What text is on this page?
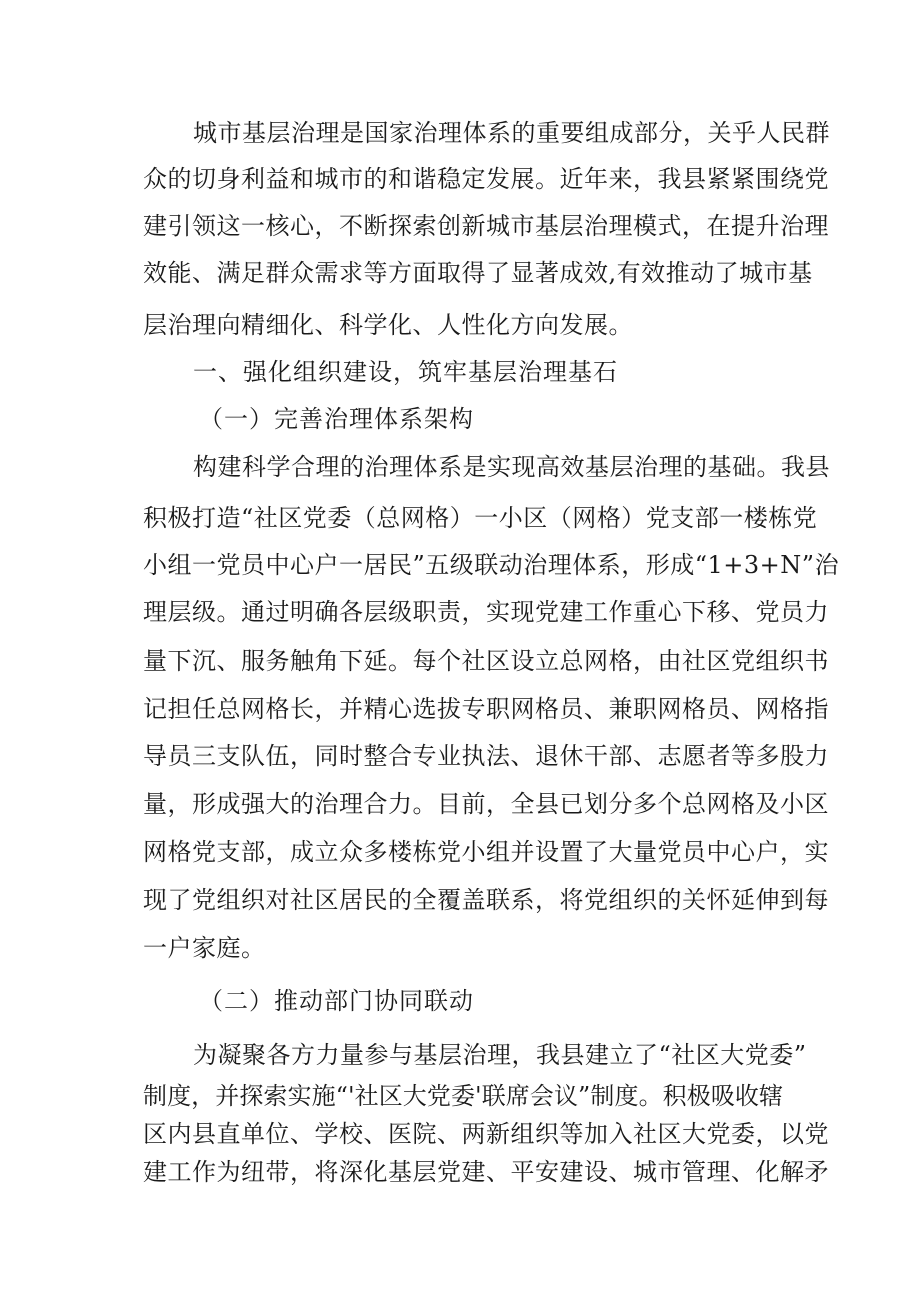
城市基层治理是国家治理体系的重要组成部分，关乎人民群
众的切身利益和城市的和谐稳定发展。近年来，我县紧紧围绕党
建引领这一核心，不断探索创新城市基层治理模式，在提升治理
效能、满足群众需求等方面取得了显著成效,有效推动了城市基
层治理向精细化、科学化、人性化方向发展。
一、强化组织建设，筑牢基层治理基石
（一）完善治理体系架构
构建科学合理的治理体系是实现高效基层治理的基础。我县
积极打造“社区党委（总网格）一小区（网格）党支部一楼栋党
小组一党员中心户一居民”五级联动治理体系，形成“1+3+N”治
理层级。通过明确各层级职责，实现党建工作重心下移、党员力
量下沉、服务触角下延。每个社区设立总网格，由社区党组织书
记担任总网格长，并精心选拔专职网格员、兼职网格员、网格指
导员三支队伍，同时整合专业执法、退休干部、志愿者等多股力
量，形成强大的治理合力。目前，全县已划分多个总网格及小区
网格党支部，成立众多楼栋党小组并设置了大量党员中心户，实
现了党组织对社区居民的全覆盖联系，将党组织的关怀延伸到每
一户家庭。
（二）推动部门协同联动
为凝聚各方力量参与基层治理，我县建立了“社区大党委”
制度，并探索实施“'社区大党委'联席会议”制度。积极吸收辖
区内县直单位、学校、医院、两新组织等加入社区大党委，以党
建工作为纽带，将深化基层党建、平安建设、城市管理、化解矛
